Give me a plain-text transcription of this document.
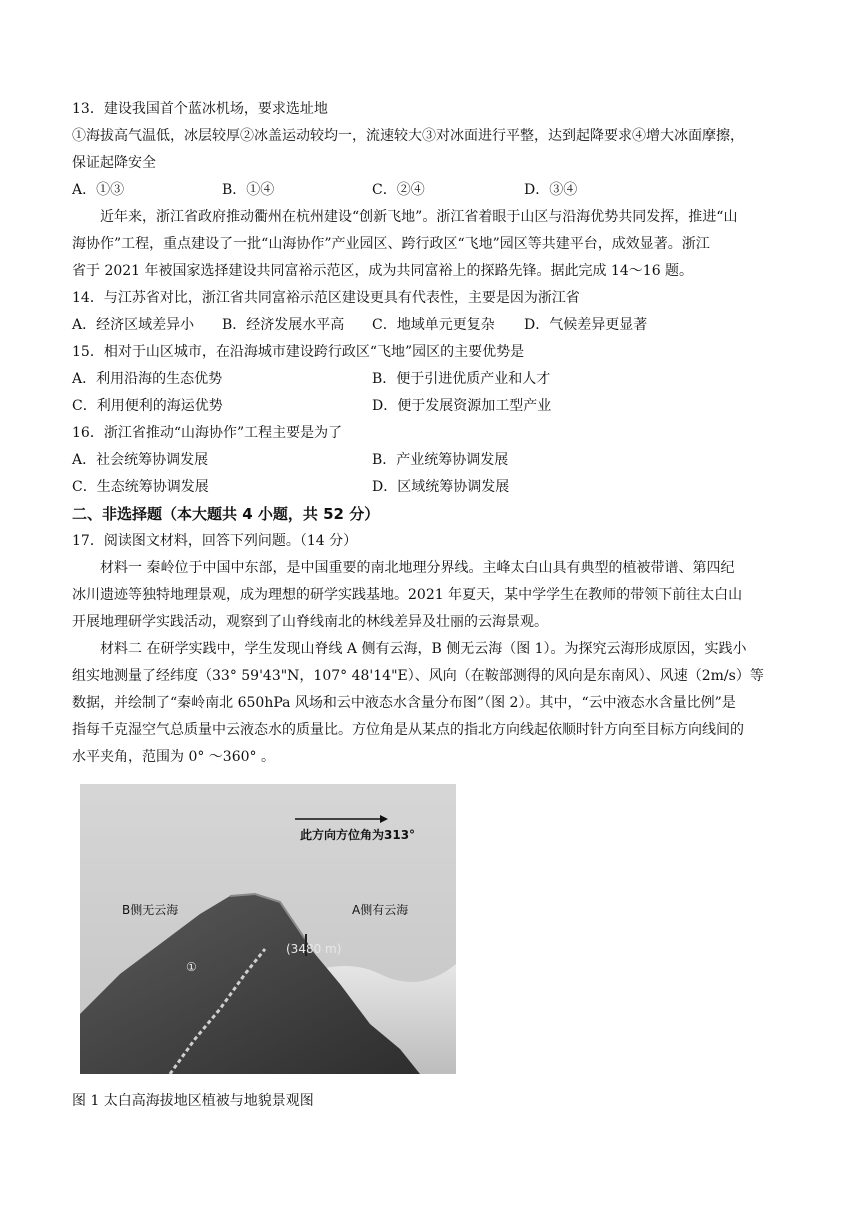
13．建设我国首个蓝冰机场，要求选址地
①海拔高气温低，冰层较厚②冰盖运动较均一，流速较大③对冰面进行平整，达到起降要求④增大冰面摩擦，
保证起降安全
A．①③	B．①④	C．②④	D．③④
近年来，浙江省政府推动衢州在杭州建设“创新飞地”。浙江省着眼于山区与沿海优势共同发挥，推进“山
海协作”工程，重点建设了一批“山海协作”产业园区、跨行政区“飞地”园区等共建平台，成效显著。浙江
省于 2021 年被国家选择建设共同富裕示范区，成为共同富裕上的探路先锋。据此完成 14～16 题。
14．与江苏省对比，浙江省共同富裕示范区建设更具有代表性，主要是因为浙江省
A．经济区域差异小 B．经济发展水平高 C．地域单元更复杂 D．气候差异更显著
15．相对于山区城市，在沿海城市建设跨行政区“飞地”园区的主要优势是
A．利用沿海的生态优势	B．便于引进优质产业和人才
C．利用便利的海运优势	D．便于发展资源加工型产业
16．浙江省推动“山海协作”工程主要是为了
A．社会统筹协调发展	B．产业统筹协调发展
C．生态统筹协调发展	D．区域统筹协调发展
二、非选择题（本大题共 4 小题，共 52 分）
17．阅读图文材料，回答下列问题。（14 分）
材料一 秦岭位于中国中东部，是中国重要的南北地理分界线。主峰太白山具有典型的植被带谱、第四纪
冰川遗迹等独特地理景观，成为理想的研学实践基地。2021 年夏天，某中学学生在教师的带领下前往太白山
开展地理研学实践活动，观察到了山脊线南北的林线差异及壮丽的云海景观。
材料二 在研学实践中，学生发现山脊线 A 侧有云海，B 侧无云海（图 1）。为探究云海形成原因，实践小
组实地测量了经纬度（33° 59'43"N，107° 48'14"E）、风向（在鞍部测得的风向是东南风）、风速（2m/s）等
数据，并绘制了“秦岭南北 650hPa 风场和云中液态水含量分布图”（图 2）。其中，“云中液态水含量比例”是
指每千克湿空气总质量中云液态水的质量比。方位角是从某点的指北方向线起依顺时针方向至目标方向线间的
水平夹角，范围为 0° ～360° 。
此方向方位角为313°
B侧无云海	A侧有云海
(3480 m)
①
图 1 太白高海拔地区植被与地貌景观图
